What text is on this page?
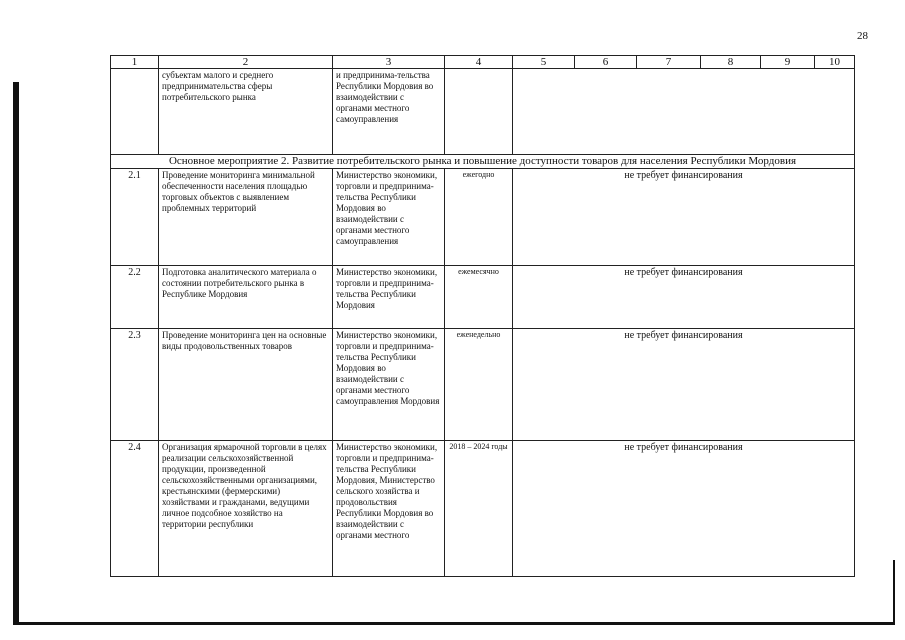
28
1	2	3	4	5	6	7	8	9	10
	субъектам малого и среднего предпринимательства сферы потребительского рынка	и предпринима-тельства Республики Мордовия во взаимодействии с органами местного самоуправления							
Основное мероприятие 2. Развитие потребительского рынка и повышение доступности товаров для населения Республики Мордовия									
2.1	Проведение мониторинга минимальной обеспеченности населения площадью торговых объектов с выявлением проблемных территорий	Министерство экономики, торговли и предпринима-тельства Республики Мордовия во взаимодействии с органами местного самоуправления	ежегодно	не требует финансирования					
2.2	Подготовка аналитического материала о состоянии потребительского рынка в Республике Мордовия	Министерство экономики, торговли и предпринима-тельства Республики Мордовия	ежемесячно	не требует финансирования					
2.3	Проведение мониторинга цен на основные виды продовольственных товаров	Министерство экономики, торговли и предпринима-тельства Республики Мордовия во взаимодействии с органами местного самоуправления Мордовия	еженедельно	не требует финансирования					
2.4	Организация ярмарочной торговли в целях реализации сельскохозяйственной продукции, произведенной сельскохозяйственными организациями, крестьянскими (фермерскими) хозяйствами и гражданами, ведущими личное подсобное хозяйство на территории республики	Министерство экономики, торговли и предпринима-тельства Республики Мордовия, Министерство сельского хозяйства и продовольствия Республики Мордовия во взаимодействии с органами местного	2018 – 2024 годы	не требует финансирования					
